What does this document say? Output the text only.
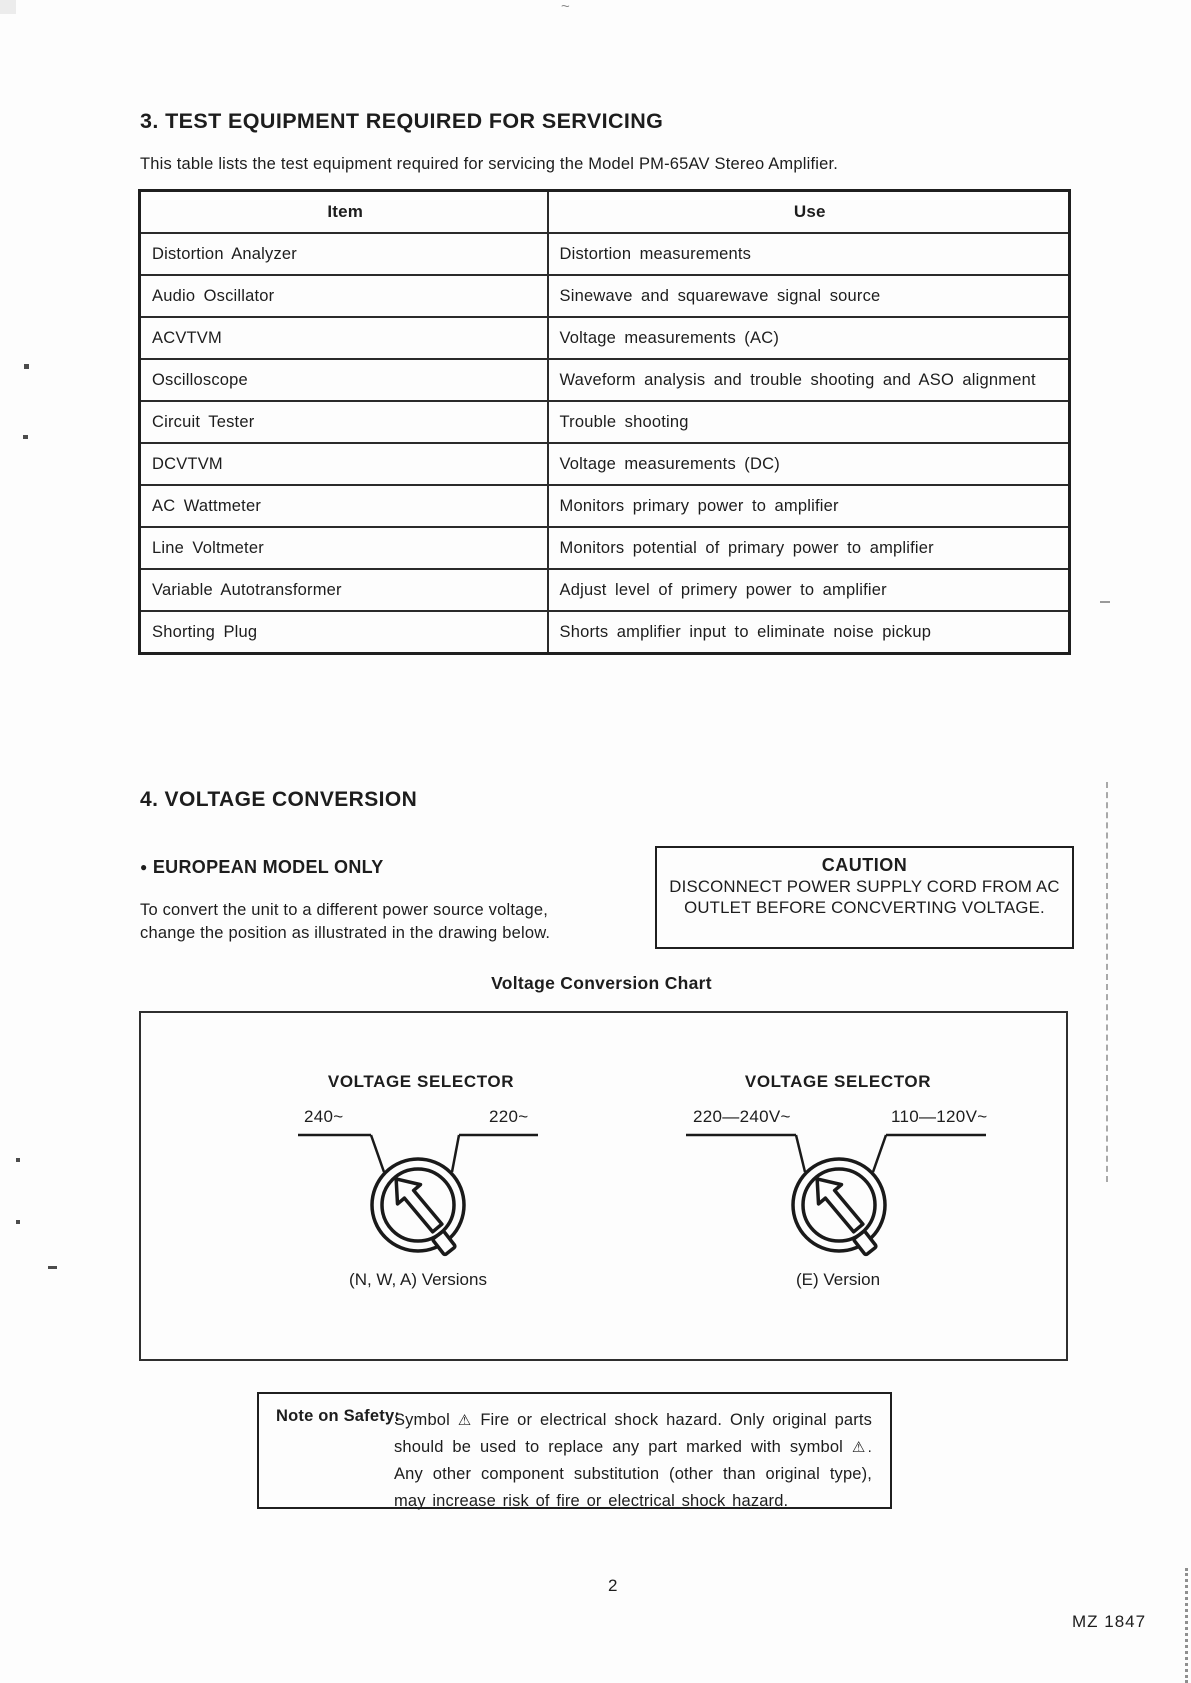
~
3. TEST EQUIPMENT REQUIRED FOR SERVICING
This table lists the test equipment required for servicing the Model PM-65AV Stereo Amplifier.
Item	Use
Distortion Analyzer	Distortion measurements
Audio Oscillator	Sinewave and squarewave signal source
ACVTVM	Voltage measurements (AC)
Oscilloscope	Waveform analysis and trouble shooting and ASO alignment
Circuit Tester	Trouble shooting
DCVTVM	Voltage measurements (DC)
AC Wattmeter	Monitors primary power to amplifier
Line Voltmeter	Monitors potential of primary power to amplifier
Variable Autotransformer	Adjust level of primery power to amplifier
Shorting Plug	Shorts amplifier input to eliminate noise pickup
4. VOLTAGE CONVERSION
● EUROPEAN MODEL ONLY
To convert the unit to a different power source voltage,
change the position as illustrated in the drawing below.
CAUTION
DISCONNECT POWER SUPPLY CORD FROM AC
OUTLET BEFORE CONCVERTING VOLTAGE.
Voltage Conversion Chart
VOLTAGE SELECTOR
240~	220~
(N, W, A) Versions
VOLTAGE SELECTOR
220—240V~	110—120V~
(E) Version
Note on Safety:
Symbol ⚠ Fire or electrical shock hazard. Only original parts should be used to replace any part marked with symbol ⚠. Any other component substitution (other than original type), may increase risk of fire or electrical shock hazard.
2
MZ 1847
